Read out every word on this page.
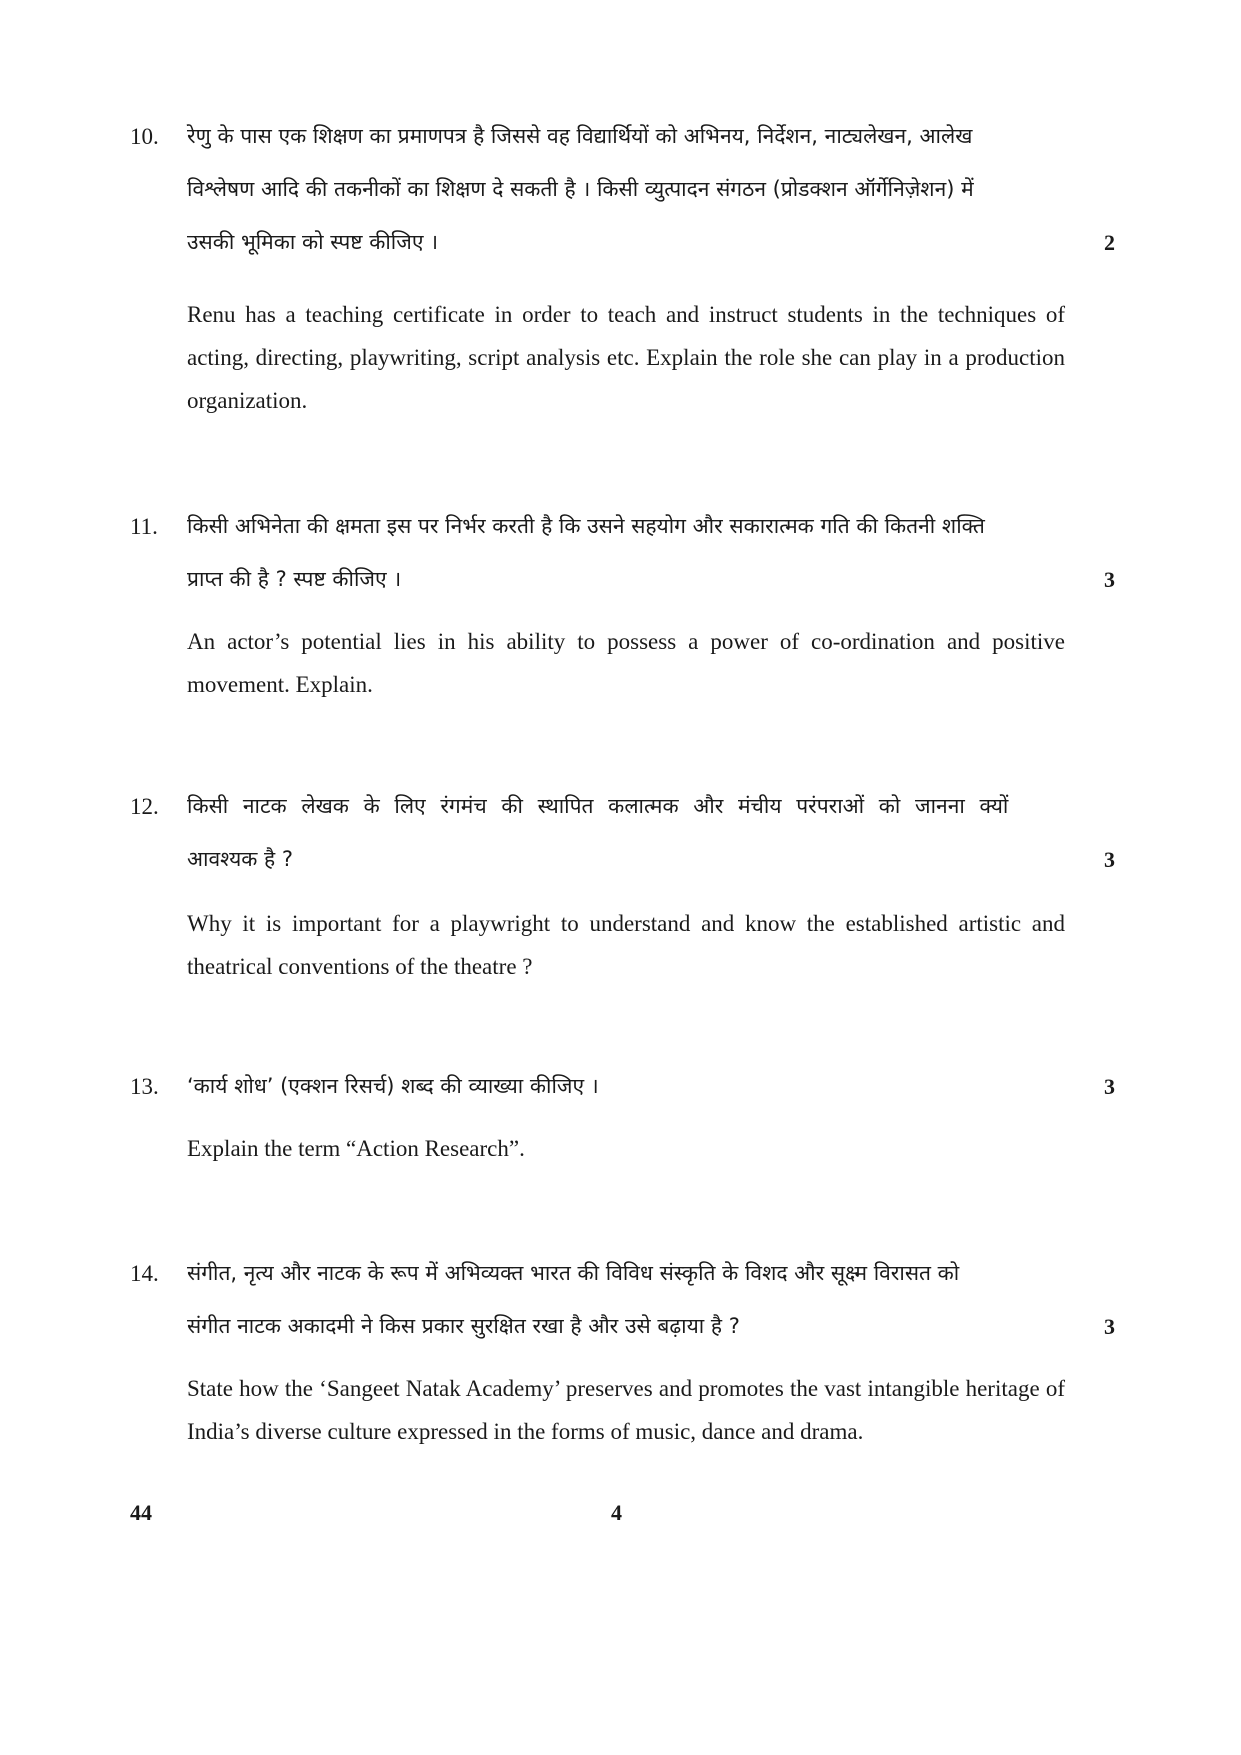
10. रेणु के पास एक शिक्षण का प्रमाणपत्र है जिससे वह विद्यार्थियों को अभिनय, निर्देशन, नाट्यलेखन, आलेख
विश्लेषण आदि की तकनीकों का शिक्षण दे सकती है । किसी व्युत्पादन संगठन (प्रोडक्शन ऑर्गेनिज़ेशन) में
उसकी भूमिका को स्पष्ट कीजिए ।	2
Renu has a teaching certificate in order to teach and instruct students in the techniques of acting, directing, playwriting, script analysis etc. Explain the role she can play in a production organization.
11. किसी अभिनेता की क्षमता इस पर निर्भर करती है कि उसने सहयोग और सकारात्मक गति की कितनी शक्ति
प्राप्त की है ? स्पष्ट कीजिए ।	3
An actor’s potential lies in his ability to possess a power of co-ordination and positive movement. Explain.
12. किसी नाटक लेखक के लिए रंगमंच की स्थापित कलात्मक और मंचीय परंपराओं को जानना क्यों
आवश्यक है ?	3
Why it is important for a playwright to understand and know the established artistic and theatrical conventions of the theatre ?
13. ‘कार्य शोध’ (एक्शन रिसर्च) शब्द की व्याख्या कीजिए ।	3
Explain the term “Action Research”.
14. संगीत, नृत्य और नाटक के रूप में अभिव्यक्त भारत की विविध संस्कृति के विशद और सूक्ष्म विरासत को
संगीत नाटक अकादमी ने किस प्रकार सुरक्षित रखा है और उसे बढ़ाया है ?	3
State how the ‘Sangeet Natak Academy’ preserves and promotes the vast intangible heritage of India’s diverse culture expressed in the forms of music, dance and drama.
44	4
